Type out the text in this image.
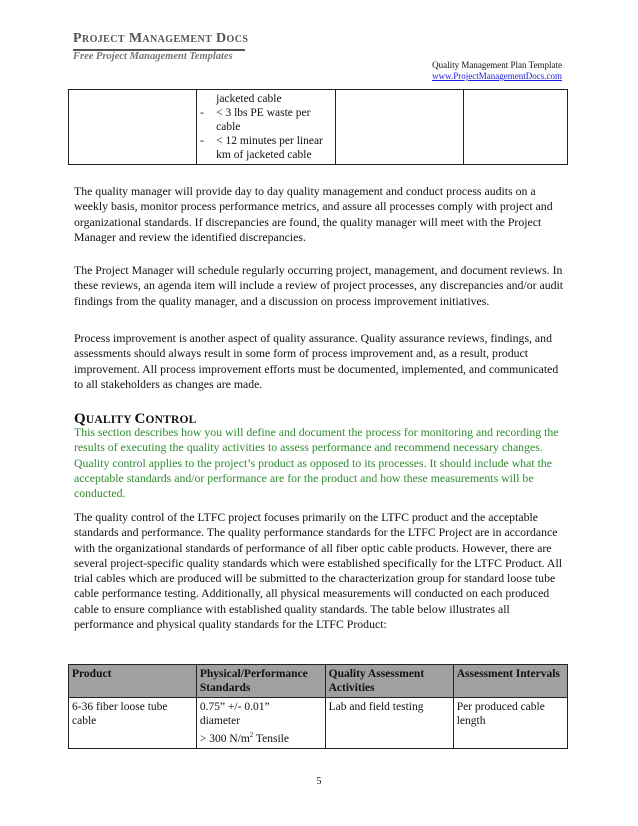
Project Management Docs
Free Project Management Templates
Quality Management Plan Template
www.ProjectManagementDocs.com

jacketed cable
-	< 3 lbs PE waste per
cable
-	< 12 minutes per linear
km of jacketed cable

The quality manager will provide day to day quality management and conduct process audits on a weekly basis, monitor process performance metrics, and assure all processes comply with project and organizational standards. If discrepancies are found, the quality manager will meet with the Project Manager and review the identified discrepancies.

The Project Manager will schedule regularly occurring project, management, and document reviews. In these reviews, an agenda item will include a review of project processes, any discrepancies and/or audit findings from the quality manager, and a discussion on process improvement initiatives.

Process improvement is another aspect of quality assurance. Quality assurance reviews, findings, and assessments should always result in some form of process improvement and, as a result, product improvement. All process improvement efforts must be documented, implemented, and communicated to all stakeholders as changes are made.

QUALITY CONTROL

This section describes how you will define and document the process for monitoring and recording the results of executing the quality activities to assess performance and recommend necessary changes. Quality control applies to the project’s product as opposed to its processes. It should include what the acceptable standards and/or performance are for the product and how these measurements will be conducted.

The quality control of the LTFC project focuses primarily on the LTFC product and the acceptable standards and performance. The quality performance standards for the LTFC Project are in accordance with the organizational standards of performance of all fiber optic cable products. However, there are several project-specific quality standards which were established specifically for the LTFC Product. All trial cables which are produced will be submitted to the characterization group for standard loose tube cable performance testing. Additionally, all physical measurements will conducted on each produced cable to ensure compliance with established quality standards. The table below illustrates all performance and physical quality standards for the LTFC Product:

Product	Physical/Performance Standards	Quality Assessment Activities	Assessment Intervals
6-36 fiber loose tube cable	0.75” +/- 0.01”
diameter
> 300 $N/m^2$ Tensile	Lab and field testing	Per produced cable length
5
